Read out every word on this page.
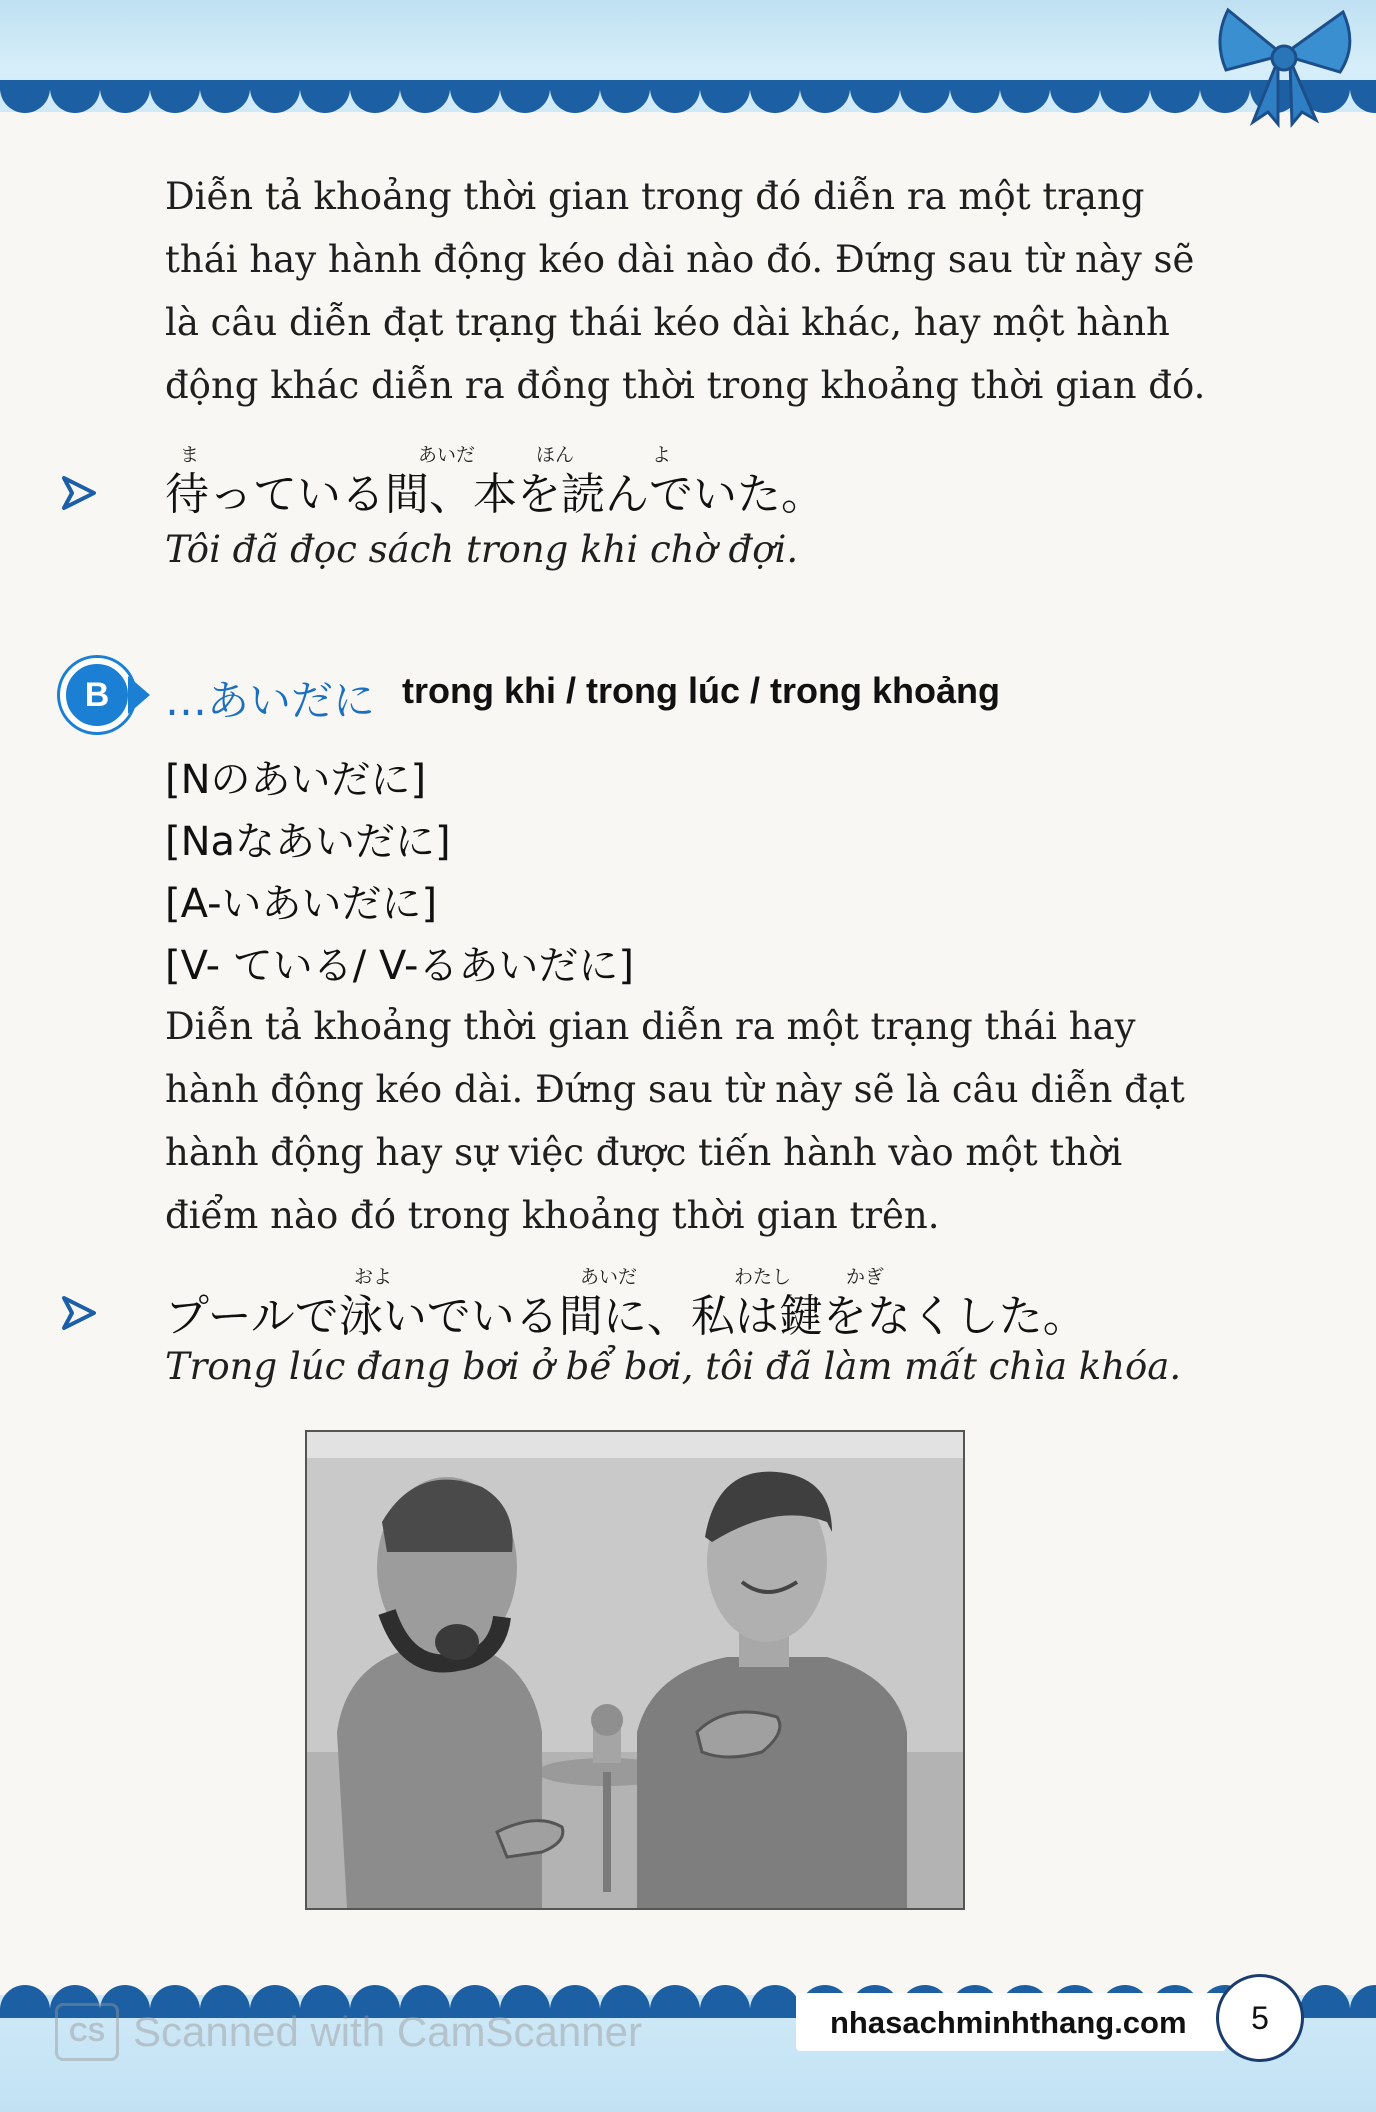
Diễn tả khoảng thời gian trong đó diễn ra một trạng thái hay hành động kéo dài nào đó. Đứng sau từ này sẽ là câu diễn đạt trạng thái kéo dài khác, hay một hành động khác diễn ra đồng thời trong khoảng thời gian đó.
待っている間、本を読んでいた。
ま	あいだ	ほん	よ
Tôi đã đọc sách trong khi chờ đợi.
B	…あいだに trong khi / trong lúc / trong khoảng
[Nのあいだに]
[Naなあいだに]
[A-いあいだに]
[V- ている/ V-るあいだに]
Diễn tả khoảng thời gian diễn ra một trạng thái hay hành động kéo dài. Đứng sau từ này sẽ là câu diễn đạt hành động hay sự việc được tiến hành vào một thời điểm nào đó trong khoảng thời gian trên.
プールで泳いでいる間に、私は鍵をなくした。
およ	あいだ	わたし	かぎ
Trong lúc đang bơi ở bể bơi, tôi đã làm mất chìa khóa.
CS Scanned with CamScanner	nhasachminhthang.com	5
